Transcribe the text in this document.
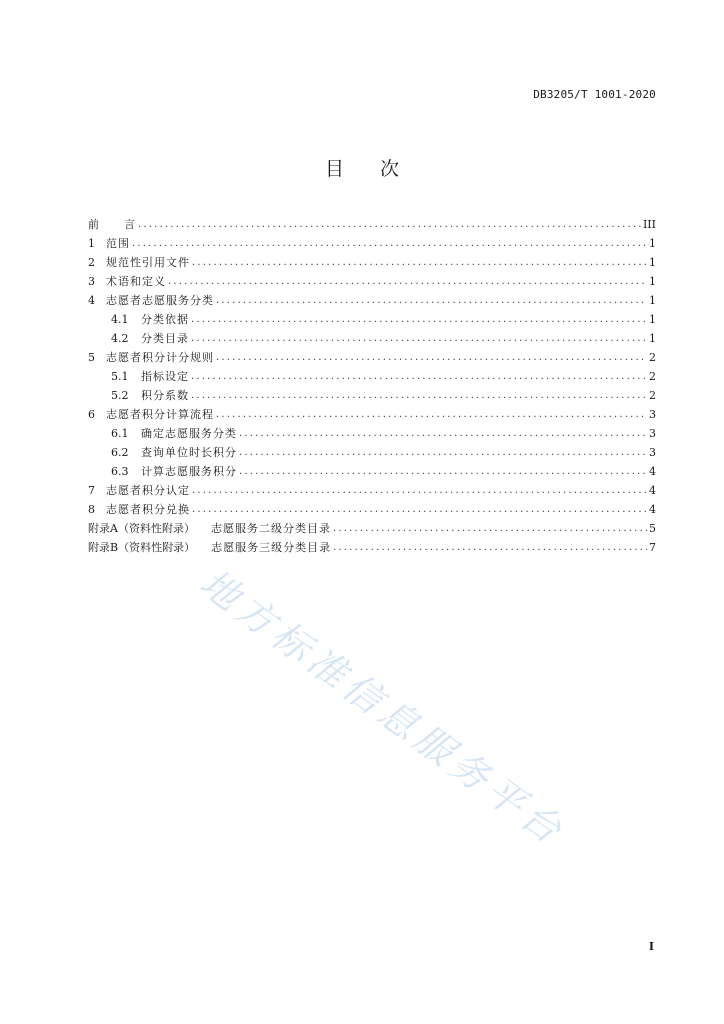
DB3205/T 1001-2020
目次
前	言 .....	III
1	范围 .....	1
2	规范性引用文件 .....	1
3	术语和定义 .....	1
4	志愿者志愿服务分类 .....	1
4.1	分类依据 .....	1
4.2	分类目录 .....	1
5	志愿者积分计分规则 .....	2
5.1	指标设定 .....	2
5.2	积分系数 .....	2
6	志愿者积分计算流程 .....	3
6.1	确定志愿服务分类 .....	3
6.2	查询单位时长积分 .....	3
6.3	计算志愿服务积分 .....	4
7	志愿者积分认定 .....	4
8	志愿者积分兑换 .....	4
附录A（资料性附录） 志愿服务二级分类目录 .....	5
附录B（资料性附录） 志愿服务三级分类目录 .....	7
地方标准信息服务平台
I
